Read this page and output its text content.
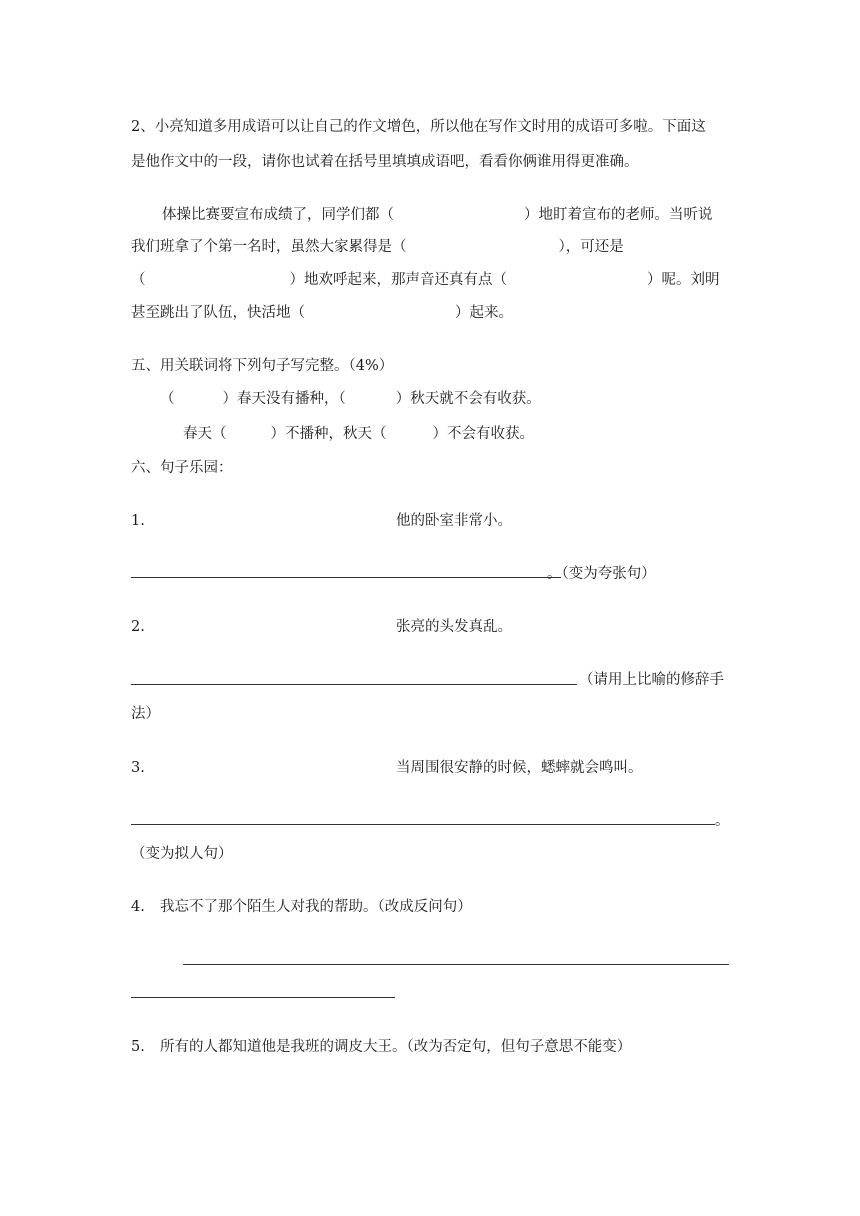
2、小亮知道多用成语可以让自己的作文增色，所以他在写作文时用的成语可多啦。下面这
是他作文中的一段，请你也试着在括号里填填成语吧，看看你俩谁用得更准确。
体操比赛要宣布成绩了，同学们都（	）地盯着宣布的老师。当听说
我们班拿了个第一名时，虽然大家累得是（	），可还是
（	）地欢呼起来，那声音还真有点（	）呢。刘明
甚至跳出了队伍，快活地（	）起来。
五、用关联词将下列句子写完整。（4%）
（	）春天没有播种，（	）秋天就不会有收获。
春天（	）不播种，秋天（	）不会有收获。
六、句子乐园：
1.	他的卧室非常小。
。（变为夸张句）
2.	张亮的头发真乱。
（请用上比喻的修辞手
法）
3.	当周围很安静的时候，蟋蟀就会鸣叫。
。
（变为拟人句）
4. 我忘不了那个陌生人对我的帮助。（改成反问句）
5. 所有的人都知道他是我班的调皮大王。（改为否定句，但句子意思不能变）
